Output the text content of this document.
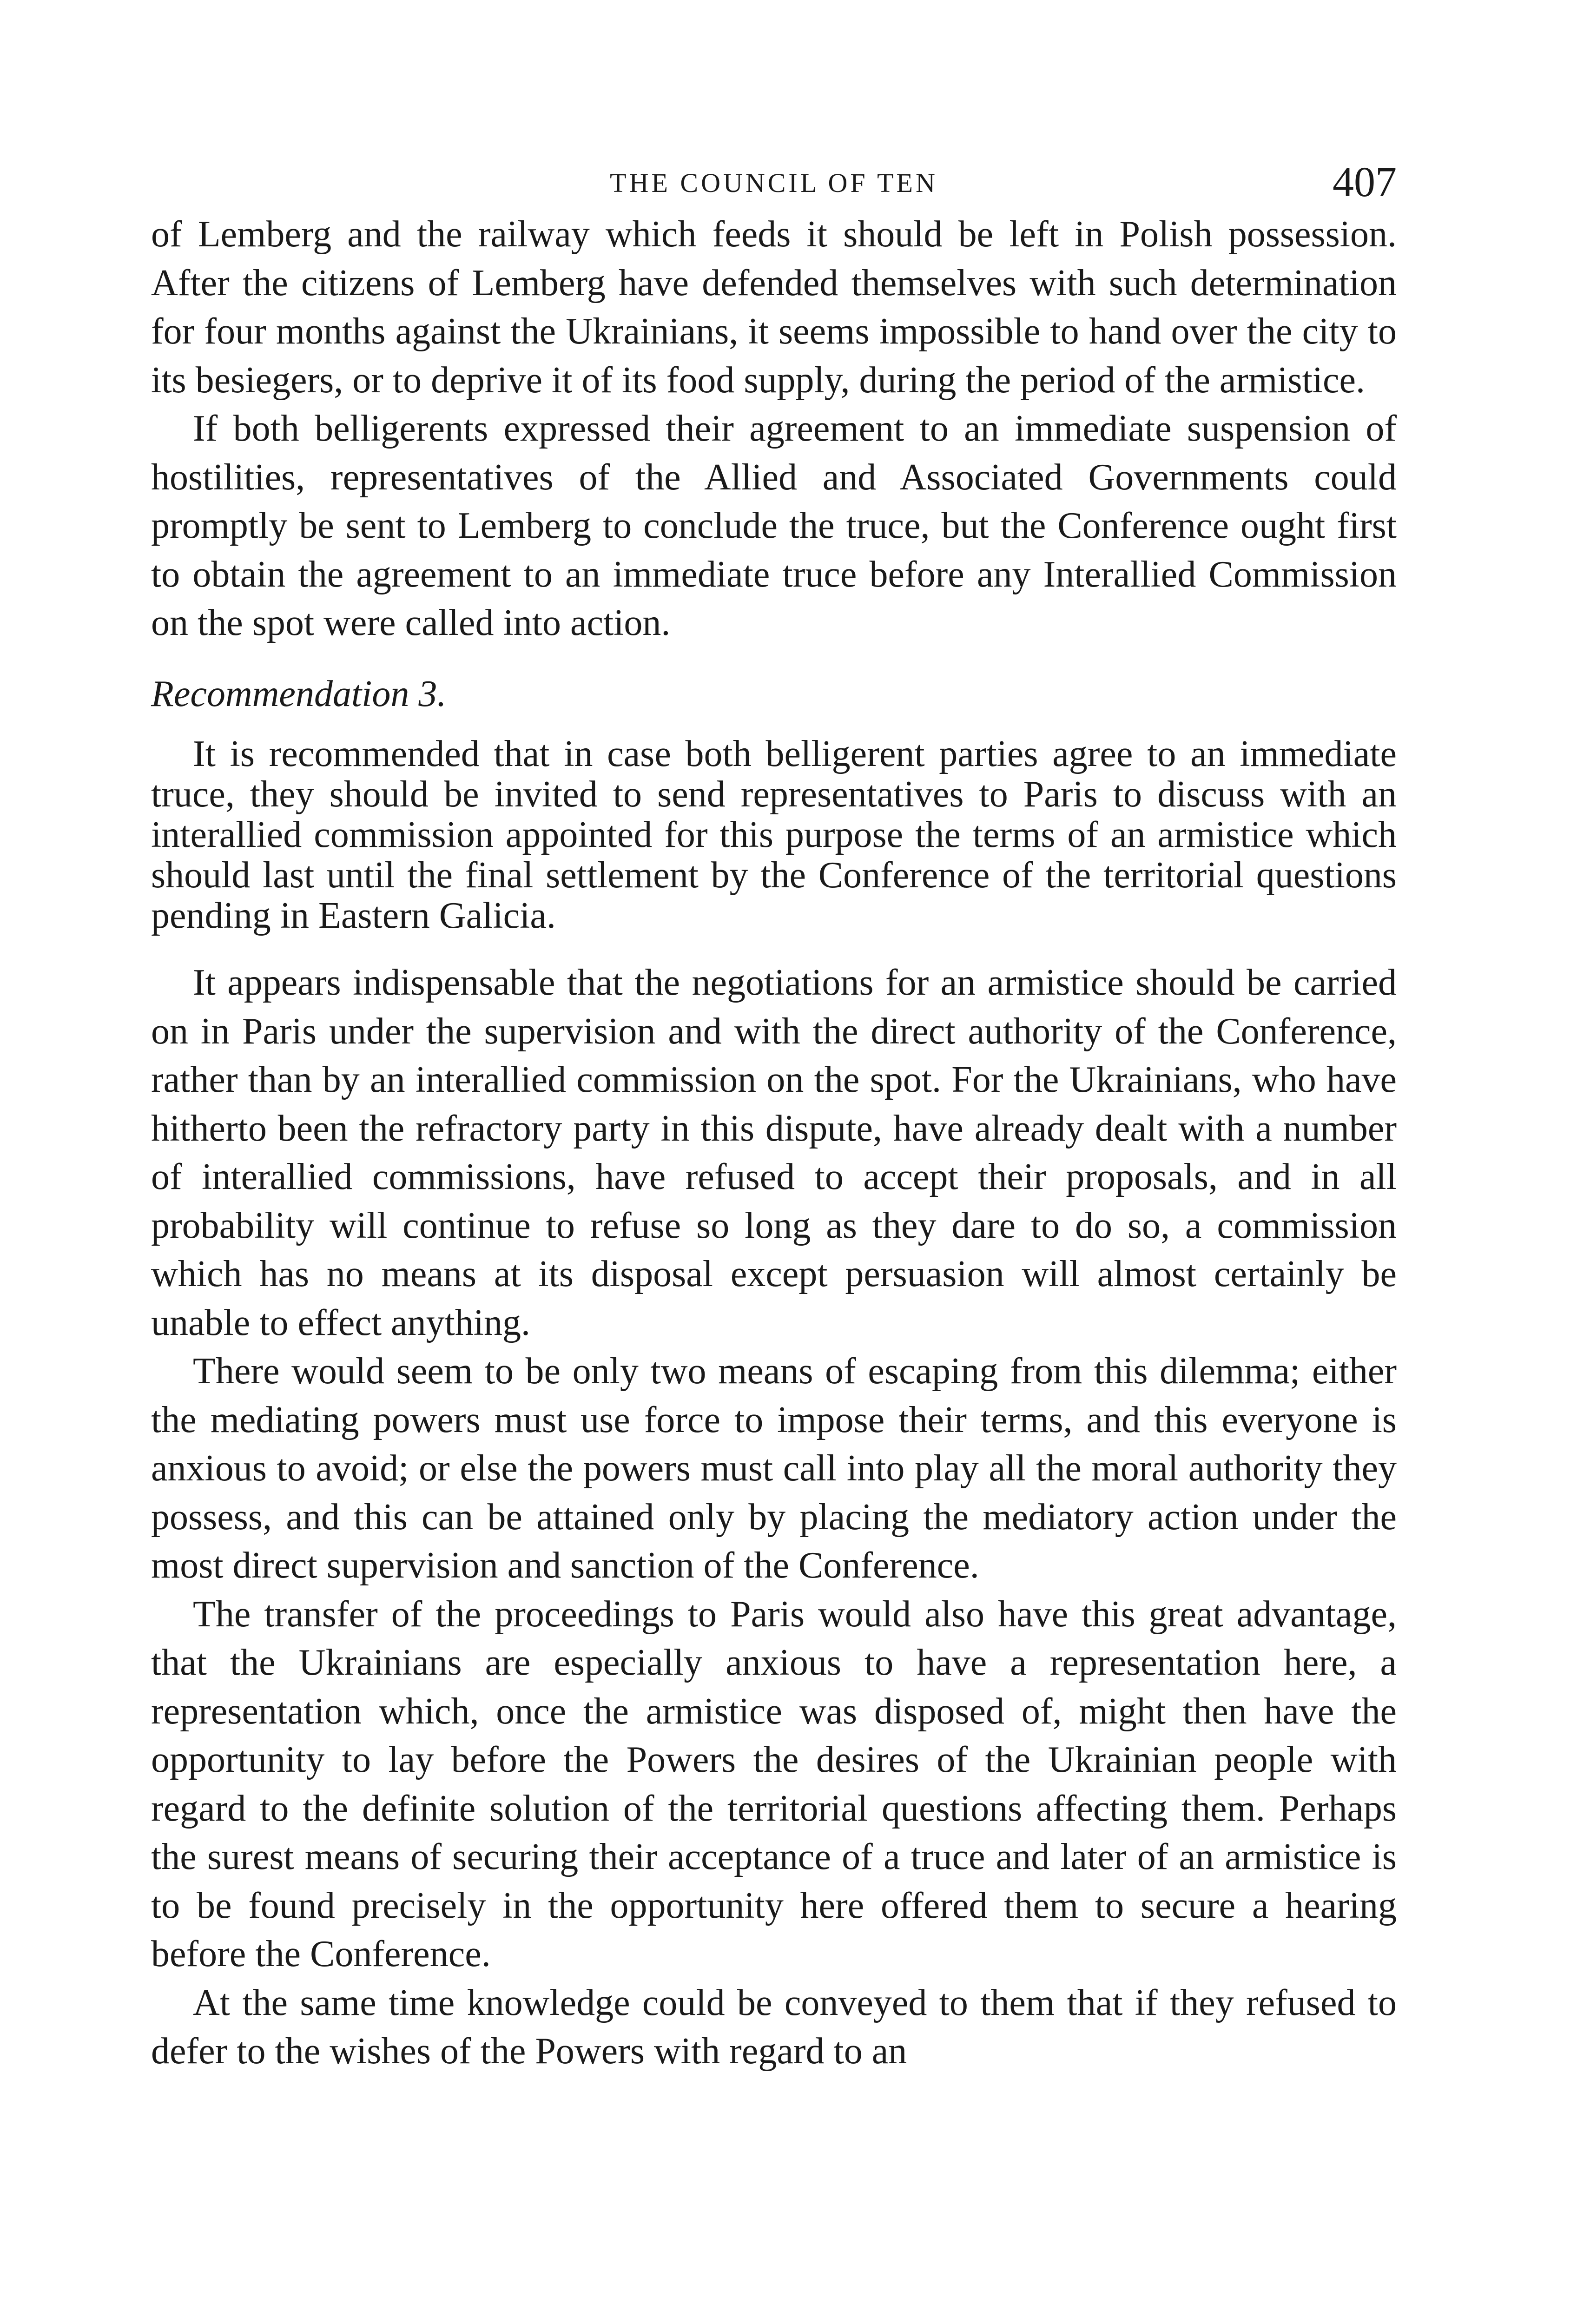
THE COUNCIL OF TEN	407

of Lemberg and the railway which feeds it should be left in Polish possession. After the citizens of Lemberg have defended themselves with such determination for four months against the Ukrainians, it seems impossible to hand over the city to its besiegers, or to deprive it of its food supply, during the period of the armistice.

If both belligerents expressed their agreement to an immediate suspension of hostilities, representatives of the Allied and Associated Governments could promptly be sent to Lemberg to conclude the truce, but the Conference ought first to obtain the agreement to an immediate truce before any Interallied Commission on the spot were called into action.

Recommendation 3.

It is recommended that in case both belligerent parties agree to an immediate truce, they should be invited to send representatives to Paris to discuss with an interallied commission appointed for this purpose the terms of an armistice which should last until the final settlement by the Conference of the territorial questions pending in Eastern Galicia.

It appears indispensable that the negotiations for an armistice should be carried on in Paris under the supervision and with the direct authority of the Conference, rather than by an interallied commission on the spot. For the Ukrainians, who have hitherto been the refractory party in this dispute, have already dealt with a number of interallied commissions, have refused to accept their proposals, and in all probability will continue to refuse so long as they dare to do so, a commission which has no means at its disposal except persuasion will almost certainly be unable to effect anything.

There would seem to be only two means of escaping from this dilemma; either the mediating powers must use force to impose their terms, and this everyone is anxious to avoid; or else the powers must call into play all the moral authority they possess, and this can be attained only by placing the mediatory action under the most direct supervision and sanction of the Conference.

The transfer of the proceedings to Paris would also have this great advantage, that the Ukrainians are especially anxious to have a representation here, a representation which, once the armistice was disposed of, might then have the opportunity to lay before the Powers the desires of the Ukrainian people with regard to the definite solution of the territorial questions affecting them. Perhaps the surest means of securing their acceptance of a truce and later of an armistice is to be found precisely in the opportunity here offered them to secure a hearing before the Conference.

At the same time knowledge could be conveyed to them that if they refused to defer to the wishes of the Powers with regard to an
